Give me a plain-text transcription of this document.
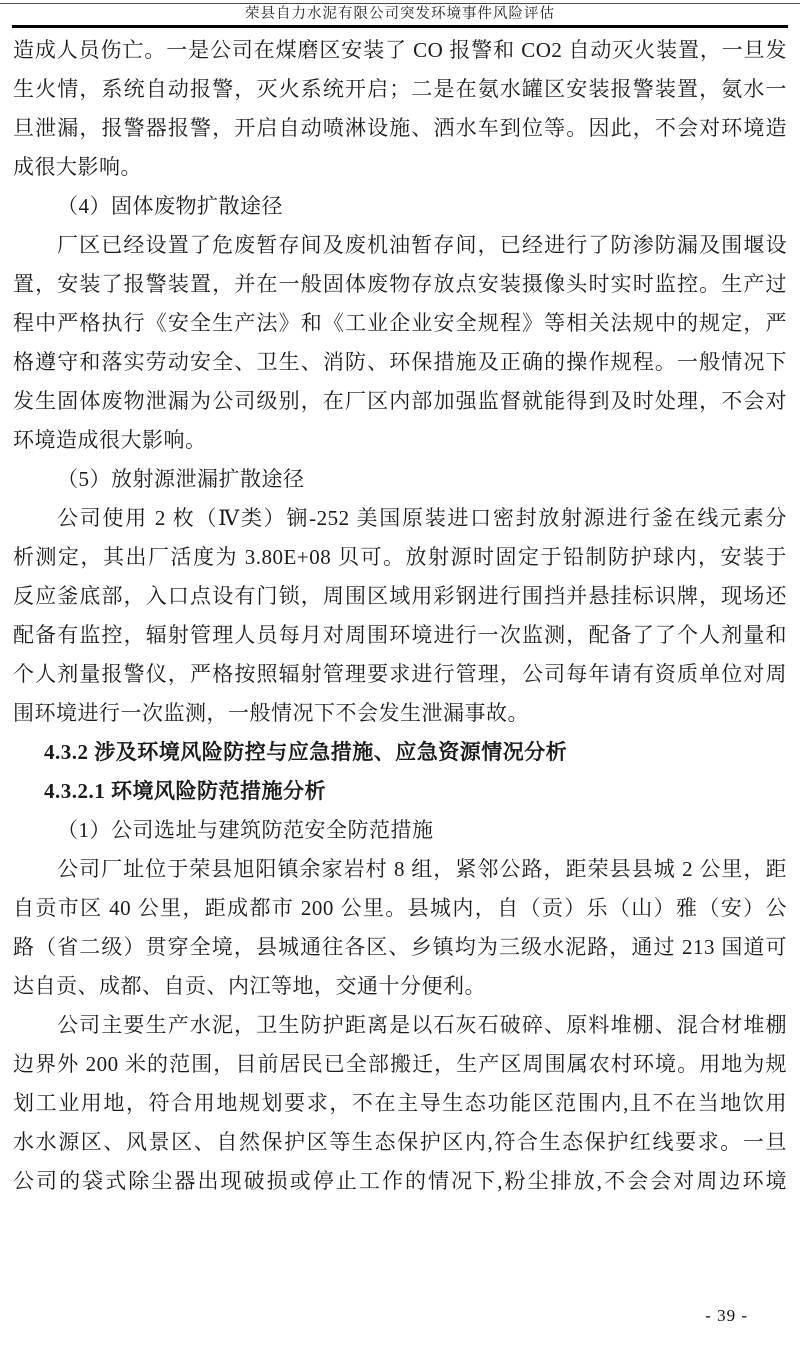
荣县自力水泥有限公司突发环境事件风险评估
造成人员伤亡。一是公司在煤磨区安装了 CO 报警和 CO2 自动灭火装置，一旦发
生火情，系统自动报警，灭火系统开启；二是在氨水罐区安装报警装置，氨水一
旦泄漏，报警器报警，开启自动喷淋设施、洒水车到位等。因此，不会对环境造
成很大影响。
（4）固体废物扩散途径
厂区已经设置了危废暂存间及废机油暂存间，已经进行了防渗防漏及围堰设
置，安装了报警装置，并在一般固体废物存放点安装摄像头时实时监控。生产过
程中严格执行《安全生产法》和《工业企业安全规程》等相关法规中的规定，严
格遵守和落实劳动安全、卫生、消防、环保措施及正确的操作规程。一般情况下
发生固体废物泄漏为公司级别，在厂区内部加强监督就能得到及时处理，不会对
环境造成很大影响。
（5）放射源泄漏扩散途径
公司使用 2 枚（Ⅳ类）锎-252 美国原装进口密封放射源进行釜在线元素分
析测定，其出厂活度为 3.80E+08 贝可。放射源时固定于铅制防护球内，安装于
反应釜底部，入口点设有门锁，周围区域用彩钢进行围挡并悬挂标识牌，现场还
配备有监控，辐射管理人员每月对周围环境进行一次监测，配备了了个人剂量和
个人剂量报警仪，严格按照辐射管理要求进行管理，公司每年请有资质单位对周
围环境进行一次监测，一般情况下不会发生泄漏事故。
4.3.2 涉及环境风险防控与应急措施、应急资源情况分析
4.3.2.1 环境风险防范措施分析
（1）公司选址与建筑防范安全防范措施
公司厂址位于荣县旭阳镇余家岩村 8 组，紧邻公路，距荣县县城 2 公里，距
自贡市区 40 公里，距成都市 200 公里。县城内，自（贡）乐（山）雅（安）公
路（省二级）贯穿全境，县城通往各区、乡镇均为三级水泥路，通过 213 国道可
达自贡、成都、自贡、内江等地，交通十分便利。
公司主要生产水泥，卫生防护距离是以石灰石破碎、原料堆棚、混合材堆棚
边界外 200 米的范围，目前居民已全部搬迁，生产区周围属农村环境。用地为规
划工业用地，符合用地规划要求，不在主导生态功能区范围内,且不在当地饮用
水水源区、风景区、自然保护区等生态保护区内,符合生态保护红线要求。一旦
公司的袋式除尘器出现破损或停止工作的情况下,粉尘排放,不会会对周边环境
- 39 -
